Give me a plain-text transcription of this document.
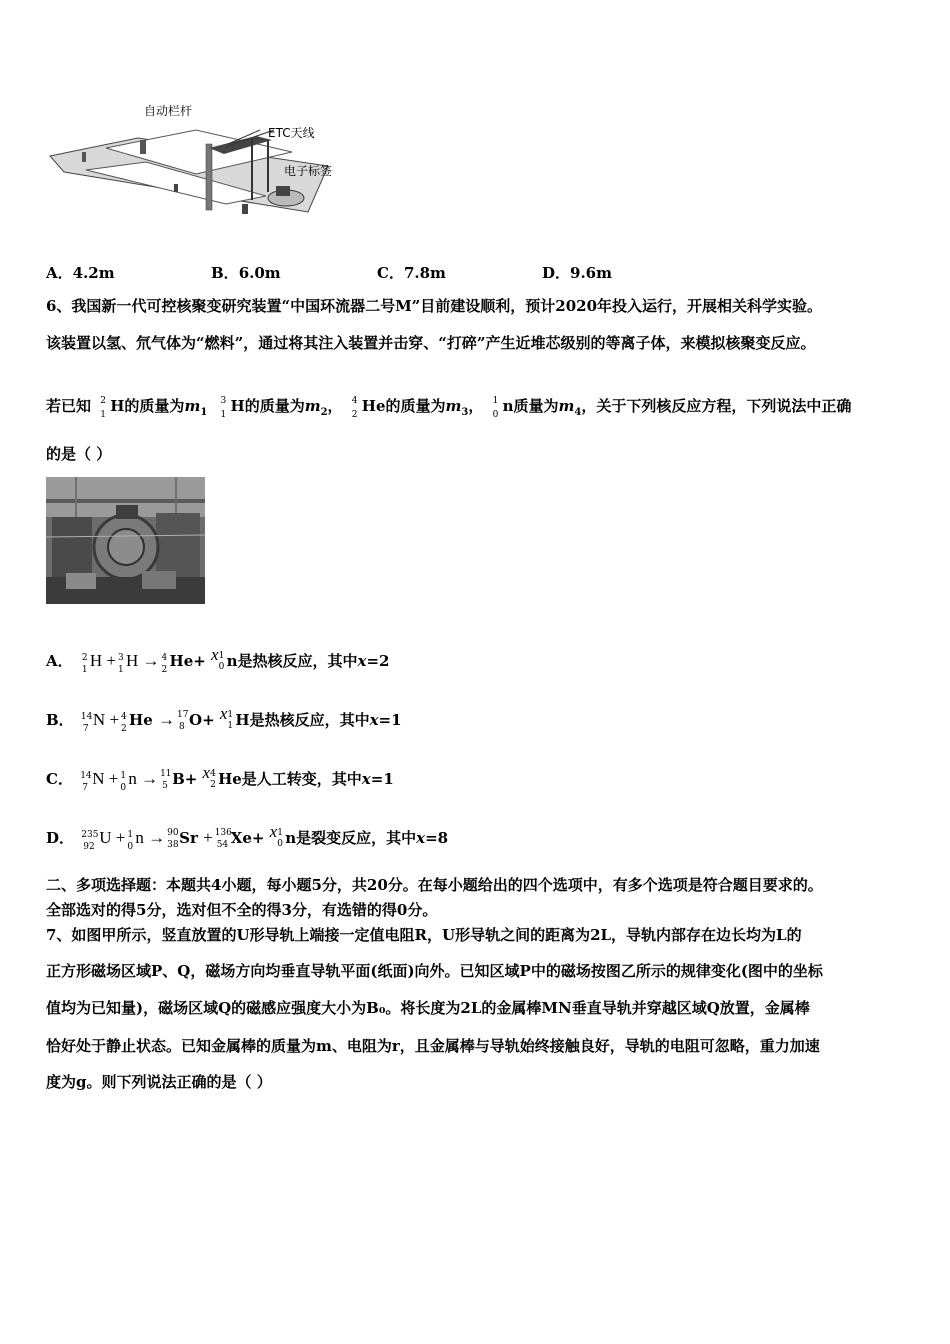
自动栏杆
ETC天线
电子标签
A．4.2m	B．6.0m	C．7.8m	D．9.6m
6、我国新一代可控核聚变研究装置“中国环流器二号M”目前建设顺利，预计2020年投入运行，开展相关科学实验。
该装置以氢、氘气体为“燃料”，通过将其注入装置并击穿、“打碎”产生近堆芯级别的等离子体，来模拟核聚变反应。
若已知 2
1 H的质量为$m_1$
3
1 H的质量为$m_2$， 4
2 He的质量为$m_3$， 1
0 n质量为$m_4$，关于下列核反应方程，下列说法中正确
的是（ ）
A． 2
1 H + 3
1 H → 4
2 He+ x 1
0 n是热核反应，其中x=2
B． 14
7 N + 4
2 He → 17
8 O+ x 1
1 H是热核反应，其中x=1
C． 14
7 N + 1
0 n → 11
5 B+ x 4
2 He是人工转变，其中x=1
D． 235
92 U + 1
0 n → 90
38 Sr + 136
54 Xe+ x 1
0 n是裂变反应，其中x=8
二、多项选择题：本题共4小题，每小题5分，共20分。在每小题给出的四个选项中，有多个选项是符合题目要求的。
全部选对的得5分，选对但不全的得3分，有选错的得0分。
7、如图甲所示，竖直放置的U形导轨上端接一定值电阻R，U形导轨之间的距离为2L，导轨内部存在边长均为L的
正方形磁场区域P、Q，磁场方向均垂直导轨平面(纸面)向外。已知区域P中的磁场按图乙所示的规律变化(图中的坐标
值均为已知量)，磁场区域Q的磁感应强度大小为B₀。将长度为2L的金属棒MN垂直导轨并穿越区域Q放置，金属棒
恰好处于静止状态。已知金属棒的质量为m、电阻为r，且金属棒与导轨始终接触良好，导轨的电阻可忽略，重力加速
度为g。则下列说法正确的是（ ）
